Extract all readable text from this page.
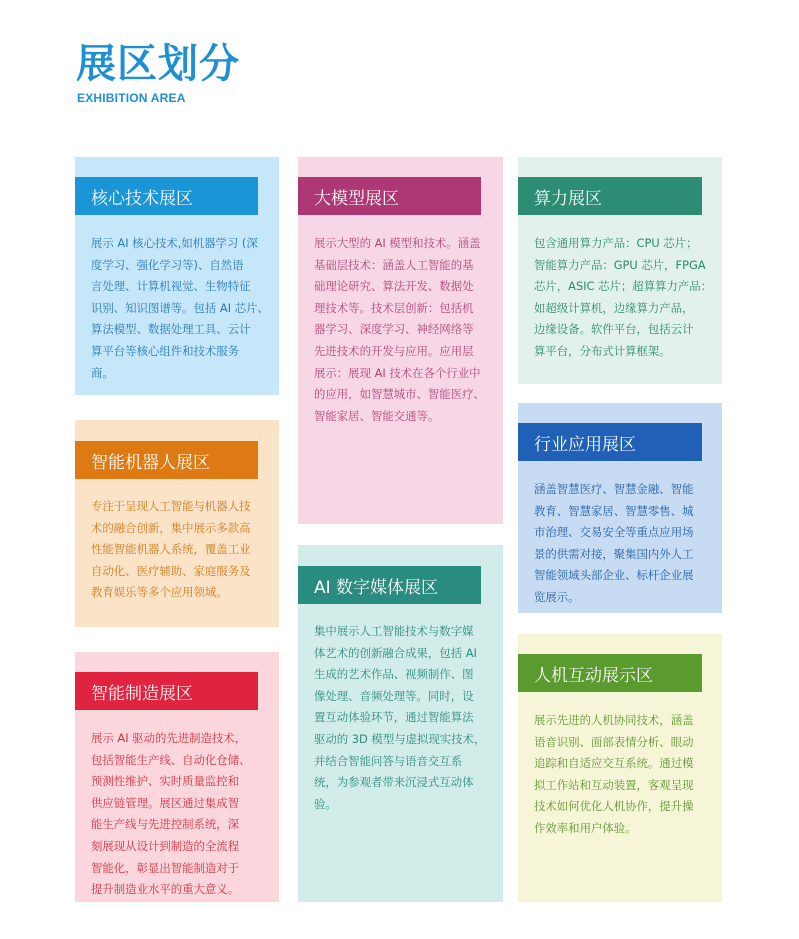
展区划分
EXHIBITION AREA
核心技术展区

展示 AI 核心技术,如机器学习 (深
度学习、强化学习等)、自然语
言处理、计算机视觉、生物特征
识别、知识图谱等。包括 AI 芯片、
算法模型、数据处理工具、云计
算平台等核心组件和技术服务
商。

大模型展区

展示大型的 AI 模型和技术。涵盖
基础层技术：涵盖人工智能的基
础理论研究、算法开发、数据处
理技术等。技术层创新：包括机
器学习、深度学习、神经网络等
先进技术的开发与应用。应用层
展示：展现 AI 技术在各个行业中
的应用，如智慧城市、智能医疗、
智能家居、智能交通等。

算力展区

包含通用算力产品：CPU 芯片；
智能算力产品：GPU 芯片，FPGA
芯片，ASIC 芯片；超算算力产品：
如超级计算机，边缘算力产品，
边缘设备。软件平台，包括云计
算平台，分布式计算框架。

智能机器人展区

专注于呈现人工智能与机器人技
术的融合创新，集中展示多款高
性能智能机器人系统，覆盖工业
自动化、医疗辅助、家庭服务及
教育娱乐等多个应用领域。

行业应用展区

涵盖智慧医疗、智慧金融、智能
教育、智慧家居、智慧零售、城
市治理、交易安全等重点应用场
景的供需对接，聚集国内外人工
智能领域头部企业、标杆企业展
览展示。

AI 数字媒体展区

集中展示人工智能技术与数字媒
体艺术的创新融合成果，包括 AI
生成的艺术作品、视频制作、图
像处理、音频处理等。同时，设
置互动体验环节，通过智能算法
驱动的 3D 模型与虚拟现实技术，
并结合智能问答与语音交互系
统，为参观者带来沉浸式互动体
验。

智能制造展区

展示 AI 驱动的先进制造技术，
包括智能生产线、自动化仓储、
预测性维护、实时质量监控和
供应链管理。展区通过集成智
能生产线与先进控制系统，深
刻展现从设计到制造的全流程
智能化，彰显出智能制造对于
提升制造业水平的重大意义。

人机互动展示区

展示先进的人机协同技术，涵盖
语音识别、面部表情分析、眼动
追踪和自适应交互系统。通过模
拟工作站和互动装置，客观呈现
技术如何优化人机协作，提升操
作效率和用户体验。
